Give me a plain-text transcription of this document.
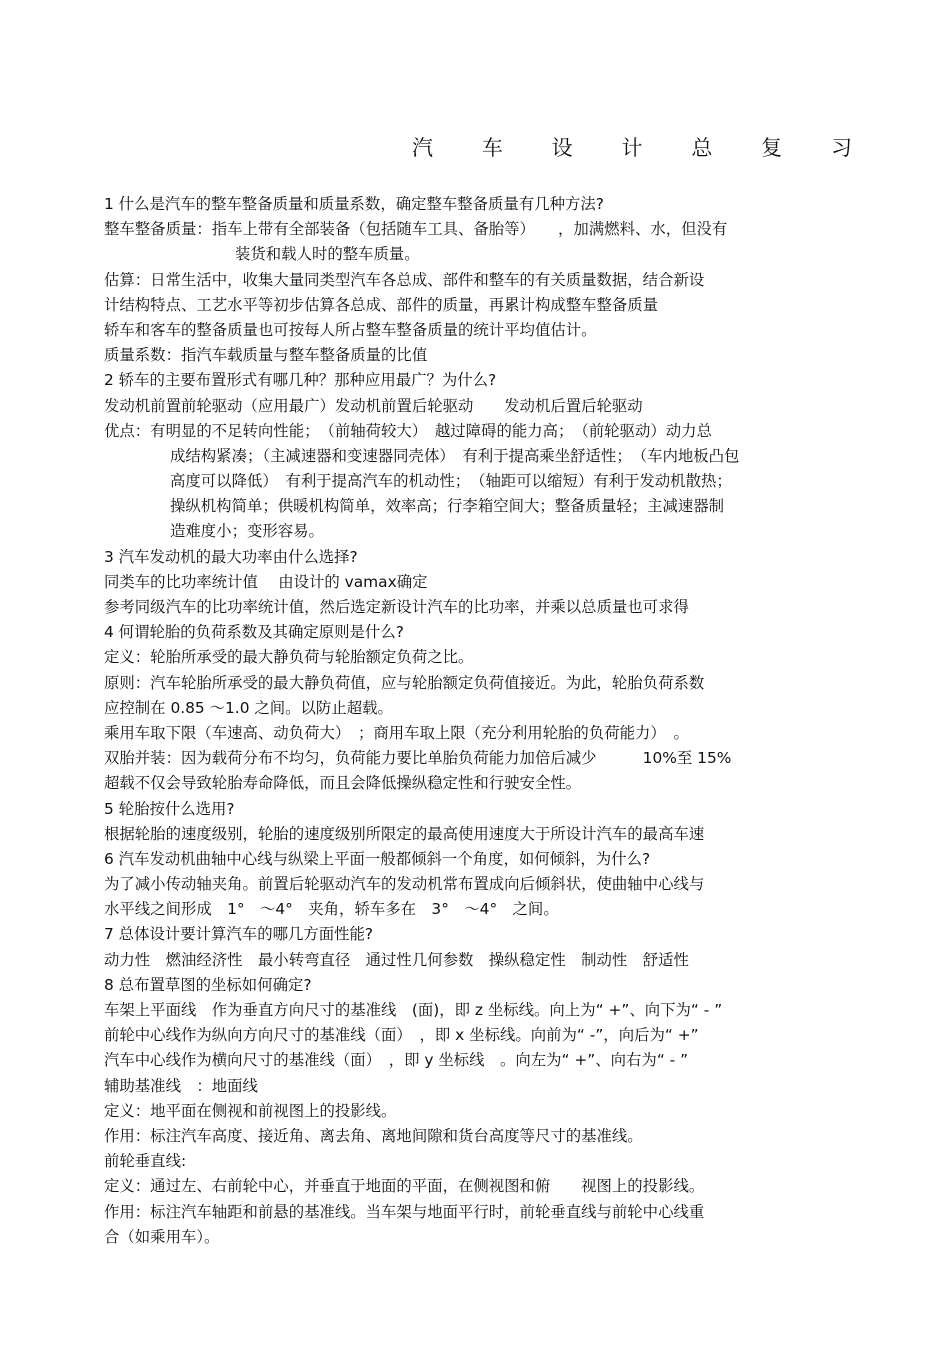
汽 车 设 计 总 复 习
1 什么是汽车的整车整备质量和质量系数，确定整车整备质量有几种方法?
整车整备质量：指车上带有全部装备（包括随车工具、备胎等）　　，加满燃料、水，但没有
装货和载人时的整车质量。
估算：日常生活中，收集大量同类型汽车各总成、部件和整车的有关质量数据，结合新设
计结构特点、工艺水平等初步估算各总成、部件的质量，再累计构成整车整备质量
轿车和客车的整备质量也可按每人所占整车整备质量的统计平均值估计。
质量系数：指汽车载质量与整车整备质量的比值
2 轿车的主要布置形式有哪几种？那种应用最广？为什么?
发动机前置前轮驱动（应用最广）发动机前置后轮驱动　　发动机后置后轮驱动
优点：有明显的不足转向性能；　（前轴荷较大）　越过障碍的能力高；　（前轮驱动）动力总
成结构紧凑；（主减速器和变速器同壳体）　有利于提高乘坐舒适性；　（车内地板凸包
高度可以降低）　有利于提高汽车的机动性；　（轴距可以缩短）有利于发动机散热；
操纵机构简单；供暖机构简单，效率高；行李箱空间大；整备质量轻；主减速器制
造难度小；变形容易。
3 汽车发动机的最大功率由什么选择?
同类车的比功率统计值　 由设计的 vamax确定
参考同级汽车的比功率统计值，然后选定新设计汽车的比功率，并乘以总质量也可求得
4 何谓轮胎的负荷系数及其确定原则是什么?
定义：轮胎所承受的最大静负荷与轮胎额定负荷之比。
原则：汽车轮胎所承受的最大静负荷值，应与轮胎额定负荷值接近。为此，轮胎负荷系数
应控制在 0.85 ～1.0 之间。以防止超载。
乘用车取下限（车速高、动负荷大）　；商用车取上限（充分利用轮胎的负荷能力）　。
双胎并装：因为载荷分布不均匀，负荷能力要比单胎负荷能力加倍后减少　　　10%至 15%
超载不仅会导致轮胎寿命降低，而且会降低操纵稳定性和行驶安全性。
5 轮胎按什么选用?
根据轮胎的速度级别，轮胎的速度级别所限定的最高使用速度大于所设计汽车的最高车速
6 汽车发动机曲轴中心线与纵梁上平面一般都倾斜一个角度，如何倾斜，为什么?
为了减小传动轴夹角。前置后轮驱动汽车的发动机常布置成向后倾斜状，使曲轴中心线与
水平线之间形成　1°　～4°　夹角，轿车多在　3°　～4°　之间。
7 总体设计要计算汽车的哪几方面性能?
动力性　燃油经济性　最小转弯直径　通过性几何参数　操纵稳定性　制动性　舒适性
8 总布置草图的坐标如何确定?
车架上平面线　作为垂直方向尺寸的基准线　(面)，即 z 坐标线。向上为“ +”、向下为“ - ”
前轮中心线作为纵向方向尺寸的基准线（面）　，即 x 坐标线。向前为“ -”，向后为“ +”
汽车中心线作为横向尺寸的基准线（面）　，即 y 坐标线　。向左为“ +”、向右为“ - ”
辅助基准线　：地面线
定义：地平面在侧视和前视图上的投影线。
作用：标注汽车高度、接近角、离去角、离地间隙和货台高度等尺寸的基准线。
前轮垂直线:
定义：通过左、右前轮中心，并垂直于地面的平面，在侧视图和俯　　视图上的投影线。
作用：标注汽车轴距和前悬的基准线。当车架与地面平行时，前轮垂直线与前轮中心线重
合（如乘用车）。
